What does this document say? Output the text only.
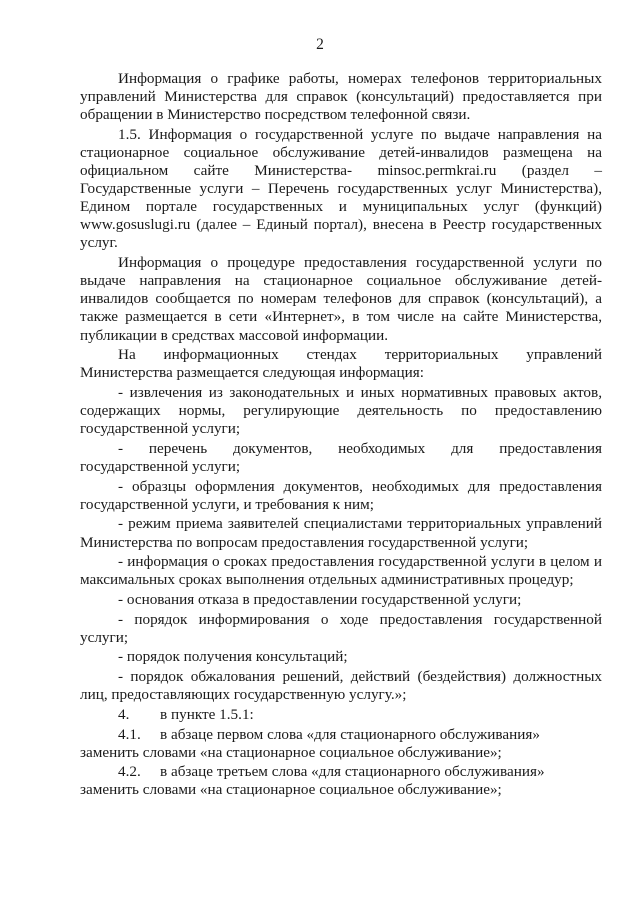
2

Информация о графике работы, номерах телефонов территориальных управлений Министерства для справок (консультаций) предоставляется при обращении в Министерство посредством телефонной связи.

1.5. Информация о государственной услуге по выдаче направления на стационарное социальное обслуживание детей-инвалидов размещена на официальном сайте Министерства- minsoc.permkrai.ru (раздел – Государственные услуги – Перечень государственных услуг Министерства), Едином портале государственных и муниципальных услуг (функций) www.gosuslugi.ru (далее – Единый портал), внесена в Реестр государственных услуг.

Информация о процедуре предоставления государственной услуги по выдаче направления на стационарное социальное обслуживание детей-инвалидов сообщается по номерам телефонов для справок (консультаций), а также размещается в сети «Интернет», в том числе на сайте Министерства, публикации в средствах массовой информации.

На информационных стендах территориальных управлений Министерства размещается следующая информация:

- извлечения из законодательных и иных нормативных правовых актов, содержащих нормы, регулирующие деятельность по предоставлению государственной услуги;

- перечень документов, необходимых для предоставления государственной услуги;

- образцы оформления документов, необходимых для предоставления государственной услуги, и требования к ним;

- режим приема заявителей специалистами территориальных управлений Министерства по вопросам предоставления государственной услуги;

- информация о сроках предоставления государственной услуги в целом и максимальных сроках выполнения отдельных административных процедур;

- основания отказа в предоставлении государственной услуги;

- порядок информирования о ходе предоставления государственной услуги;

- порядок получения консультаций;

- порядок обжалования решений, действий (бездействия) должностных лиц, предоставляющих государственную услугу.»;

4.	в пункте 1.5.1:
4.1.	в абзаце первом слова «для стационарного обслуживания»

заменить словами «на стационарное социальное обслуживание»;

4.2.	в абзаце третьем слова «для стационарного обслуживания»

заменить словами «на стационарное социальное обслуживание»;
